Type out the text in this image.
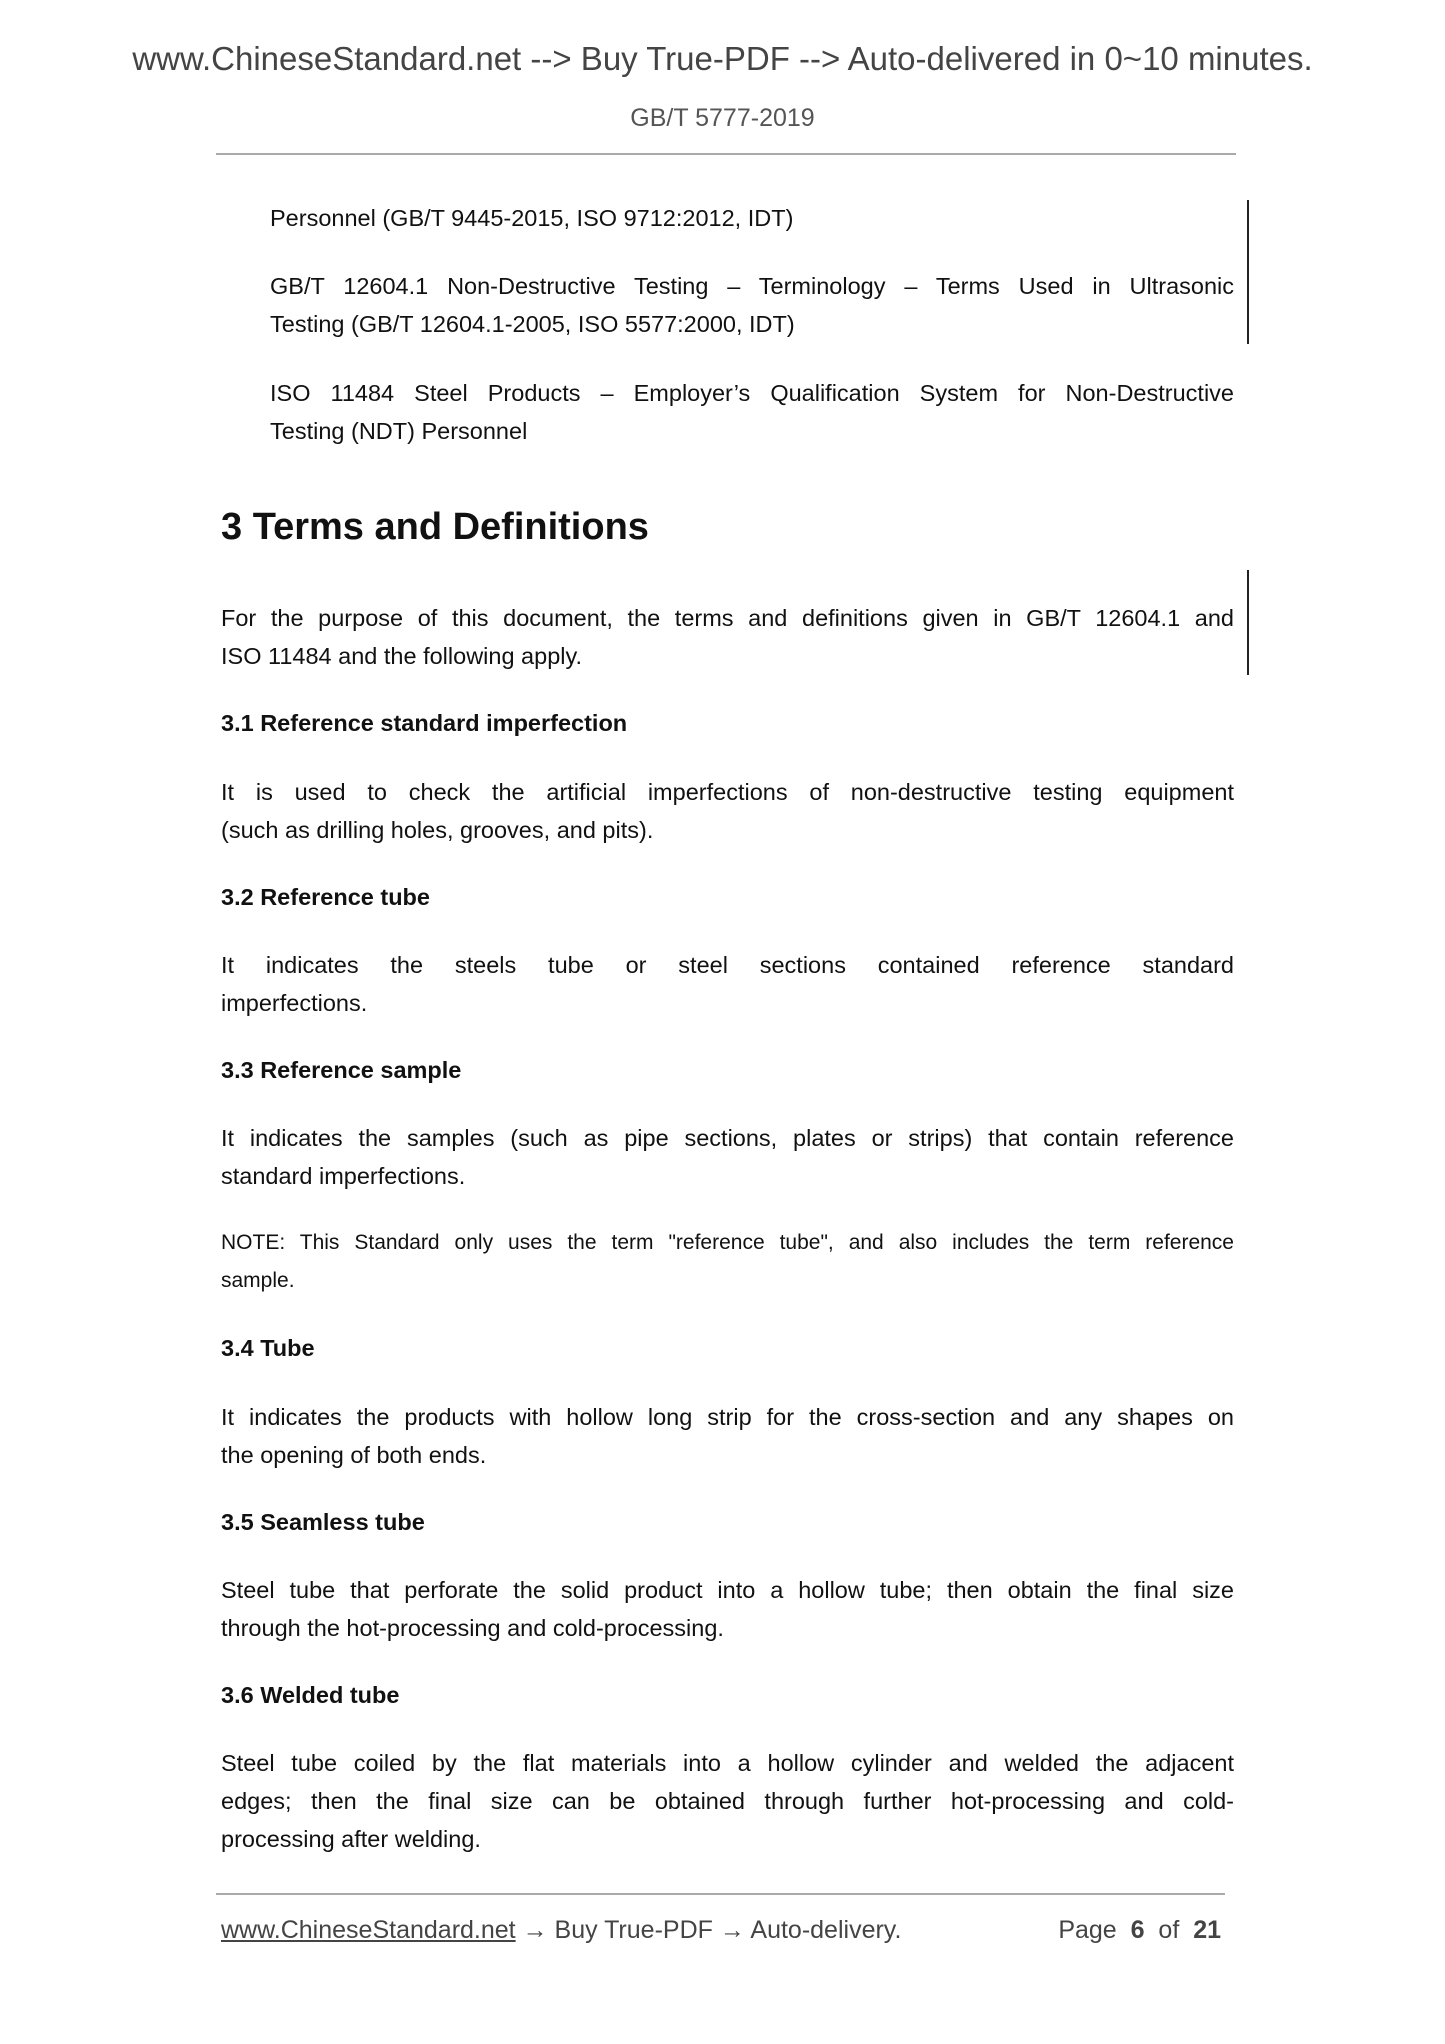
www.ChineseStandard.net --> Buy True-PDF --> Auto-delivered in 0~10 minutes.
GB/T 5777-2019
Personnel (GB/T 9445-2015, ISO 9712:2012, IDT)
GB/T 12604.1 Non-Destructive Testing – Terminology – Terms Used in Ultrasonic
Testing (GB/T 12604.1-2005, ISO 5577:2000, IDT)
ISO 11484 Steel Products – Employer’s Qualification System for Non-Destructive
Testing (NDT) Personnel
3 Terms and Definitions
For the purpose of this document, the terms and definitions given in GB/T 12604.1 and
ISO 11484 and the following apply.
3.1 Reference standard imperfection
It is used to check the artificial imperfections of non-destructive testing equipment
(such as drilling holes, grooves, and pits).
3.2 Reference tube
It indicates the steels tube or steel sections contained reference standard
imperfections.
3.3 Reference sample
It indicates the samples (such as pipe sections, plates or strips) that contain reference
standard imperfections.
NOTE: This Standard only uses the term "reference tube", and also includes the term reference
sample.
3.4 Tube
It indicates the products with hollow long strip for the cross-section and any shapes on
the opening of both ends.
3.5 Seamless tube
Steel tube that perforate the solid product into a hollow tube; then obtain the final size
through the hot-processing and cold-processing.
3.6 Welded tube
Steel tube coiled by the flat materials into a hollow cylinder and welded the adjacent
edges; then the final size can be obtained through further hot-processing and cold-
processing after welding.
www.ChineseStandard.net → Buy True-PDF → Auto-delivery.	Page 6 of 21
